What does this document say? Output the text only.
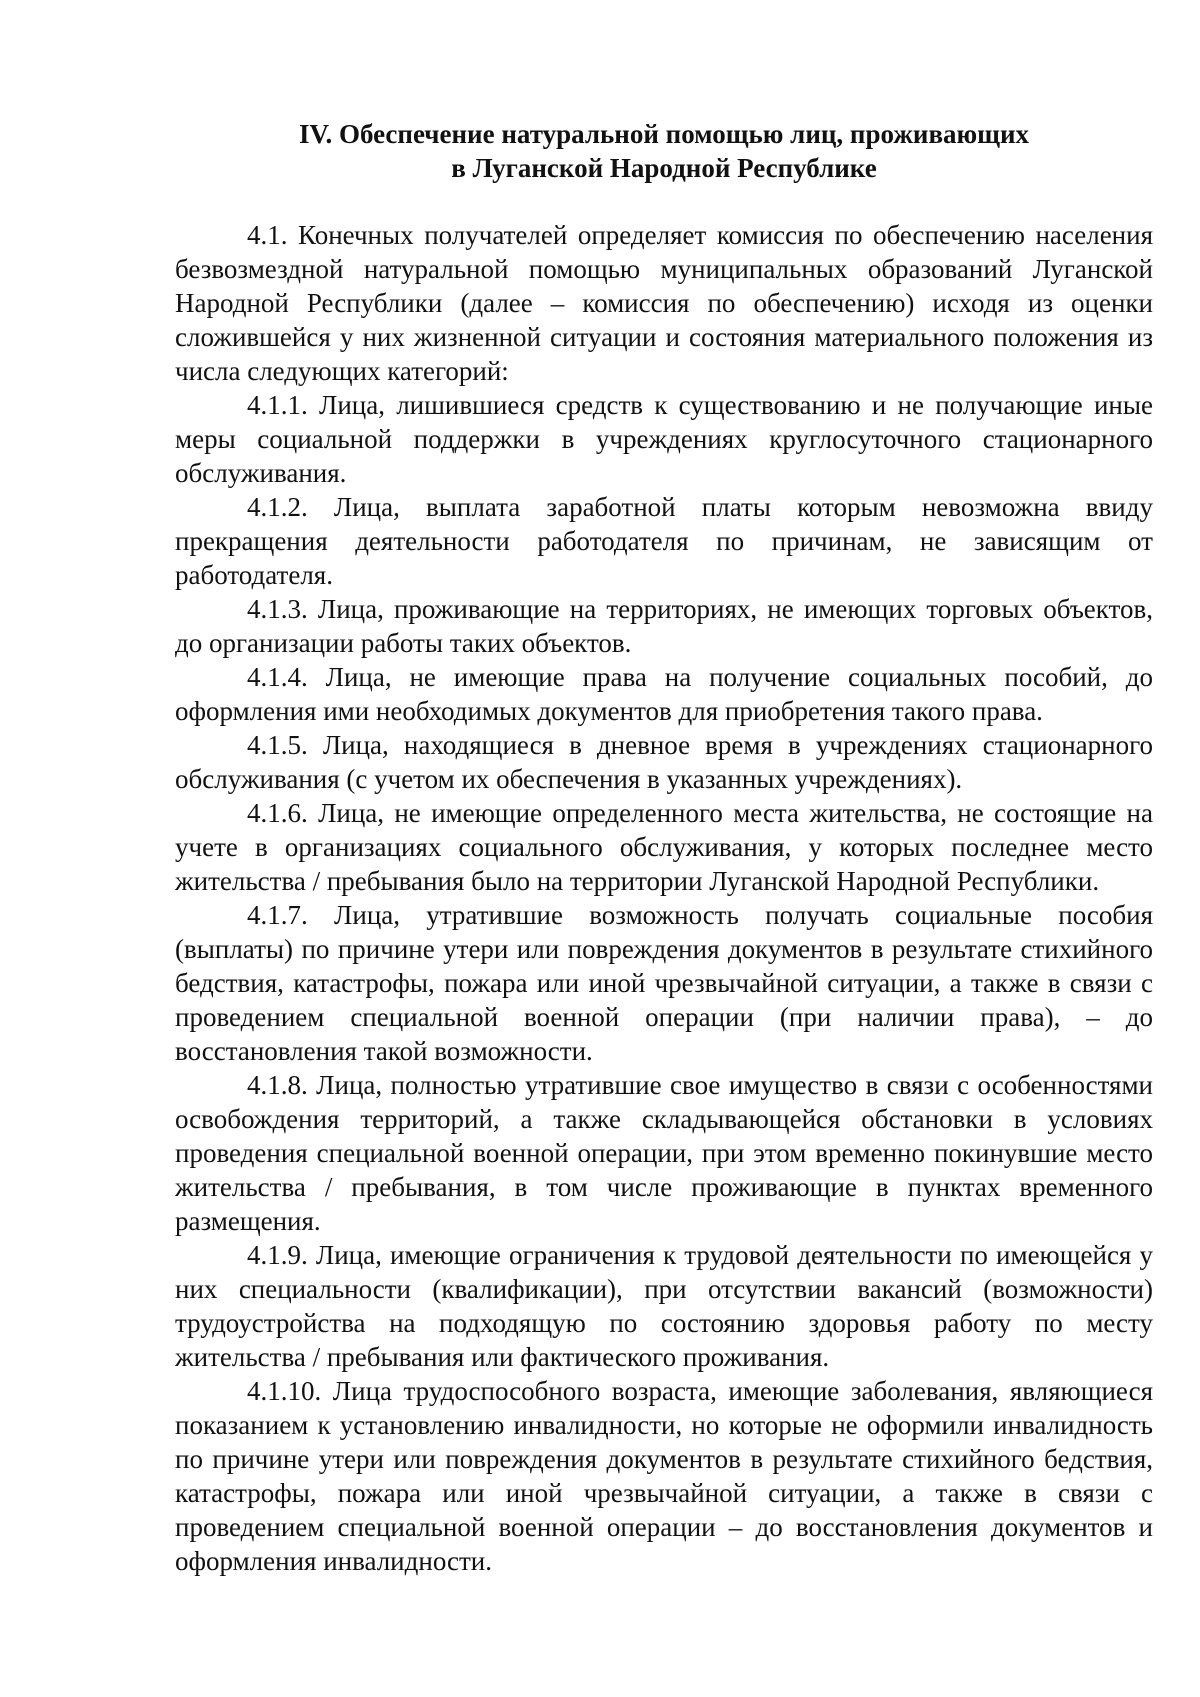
IV. Обеспечение натуральной помощью лиц, проживающих
в Луганской Народной Республике

4.1. Конечных получателей определяет комиссия по обеспечению населения безвозмездной натуральной помощью муниципальных образований Луганской Народной Республики (далее – комиссия по обеспечению) исходя из оценки сложившейся у них жизненной ситуации и состояния материального положения из числа следующих категорий:

4.1.1. Лица, лишившиеся средств к существованию и не получающие иные меры социальной поддержки в учреждениях круглосуточного стационарного обслуживания.

4.1.2. Лица, выплата заработной платы которым невозможна ввиду прекращения деятельности работодателя по причинам, не зависящим от работодателя.

4.1.3. Лица, проживающие на территориях, не имеющих торговых объектов, до организации работы таких объектов.

4.1.4. Лица, не имеющие права на получение социальных пособий, до оформления ими необходимых документов для приобретения такого права.

4.1.5. Лица, находящиеся в дневное время в учреждениях стационарного обслуживания (с учетом их обеспечения в указанных учреждениях).

4.1.6. Лица, не имеющие определенного места жительства, не состоящие на учете в организациях социального обслуживания, у которых последнее место жительства / пребывания было на территории Луганской Народной Республики.

4.1.7. Лица, утратившие возможность получать социальные пособия (выплаты) по причине утери или повреждения документов в результате стихийного бедствия, катастрофы, пожара или иной чрезвычайной ситуации, а также в связи с проведением специальной военной операции (при наличии права), – до восстановления такой возможности.

4.1.8. Лица, полностью утратившие свое имущество в связи с особенностями освобождения территорий, а также складывающейся обстановки в условиях проведения специальной военной операции, при этом временно покинувшие место жительства / пребывания, в том числе проживающие в пунктах временного размещения.

4.1.9. Лица, имеющие ограничения к трудовой деятельности по имеющейся у них специальности (квалификации), при отсутствии вакансий (возможности) трудоустройства на подходящую по состоянию здоровья работу по месту жительства / пребывания или фактического проживания.

4.1.10. Лица трудоспособного возраста, имеющие заболевания, являющиеся показанием к установлению инвалидности, но которые не оформили инвалидность по причине утери или повреждения документов в результате стихийного бедствия, катастрофы, пожара или иной чрезвычайной ситуации, а также в связи с проведением специальной военной операции – до восстановления документов и оформления инвалидности.
